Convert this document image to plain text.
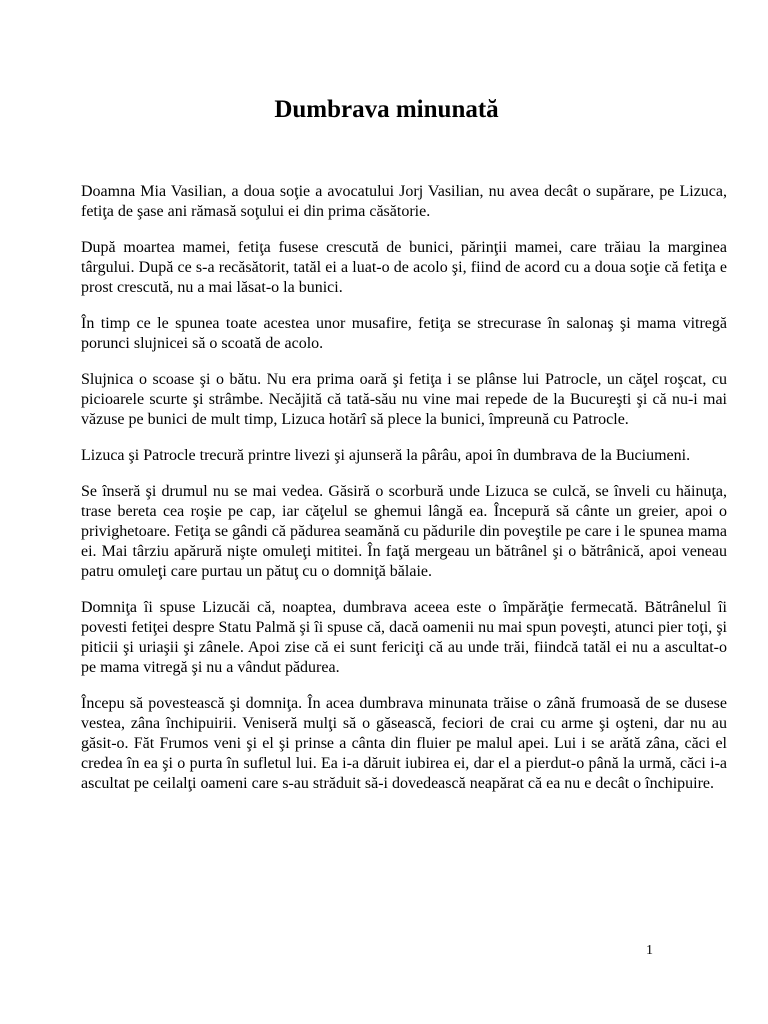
Dumbrava minunată

Doamna Mia Vasilian, a doua soţie a avocatului Jorj Vasilian, nu avea decât o supărare, pe Lizuca, fetiţa de şase ani rămasă soţului ei din prima căsătorie.

După moartea mamei, fetiţa fusese crescută de bunici, părinţii mamei, care trăiau la marginea târgului. După ce s-a recăsătorit, tatăl ei a luat-o de acolo şi, fiind de acord cu a doua soţie că fetiţa e prost crescută, nu a mai lăsat-o la bunici.

În timp ce le spunea toate acestea unor musafire, fetiţa se strecurase în salonaş şi mama vitregă porunci slujnicei să o scoată de acolo.

Slujnica o scoase şi o bătu. Nu era prima oară şi fetiţa i se plânse lui Patrocle, un căţel roşcat, cu picioarele scurte şi strâmbe. Necăjită că tată-său nu vine mai repede de la Bucureşti şi că nu-i mai văzuse pe bunici de mult timp, Lizuca hotărî să plece la bunici, împreună cu Patrocle.

Lizuca şi Patrocle trecură printre livezi şi ajunseră la pârâu, apoi în dumbrava de la Buciumeni.

Se înseră şi drumul nu se mai vedea. Găsiră o scorbură unde Lizuca se culcă, se înveli cu hăinuţa, trase bereta cea roşie pe cap, iar căţelul se ghemui lângă ea. Începură să cânte un greier, apoi o privighetoare. Fetiţa se gândi că pădurea seamănă cu pădurile din poveştile pe care i le spunea mama ei. Mai târziu apărură nişte omuleţi mititei. În faţă mergeau un bătrânel şi o bătrânică, apoi veneau patru omuleţi care purtau un pătuţ cu o domniţă bălaie.

Domniţa îi spuse Lizucăi că, noaptea, dumbrava aceea este o împărăţie fermecată. Bătrânelul îi povesti fetiţei despre Statu Palmă şi îi spuse că, dacă oamenii nu mai spun poveşti, atunci pier toţi, şi piticii şi uriaşii şi zânele. Apoi zise că ei sunt fericiţi că au unde trăi, fiindcă tatăl ei nu a ascultat-o pe mama vitregă şi nu a vândut pădurea.

Începu să povestească şi domniţa. În acea dumbrava minunata trăise o zână frumoasă de se dusese vestea, zâna închipuirii. Veniseră mulţi să o găsească, feciori de crai cu arme şi oşteni, dar nu au găsit-o. Făt Frumos veni şi el şi prinse a cânta din fluier pe malul apei. Lui i se arătă zâna, căci el credea în ea şi o purta în sufletul lui. Ea i-a dăruit iubirea ei, dar el a pierdut-o până la urmă, căci i-a ascultat pe ceilalţi oameni care s-au străduit să-i dovedească neapărat că ea nu e decât o închipuire.

1
